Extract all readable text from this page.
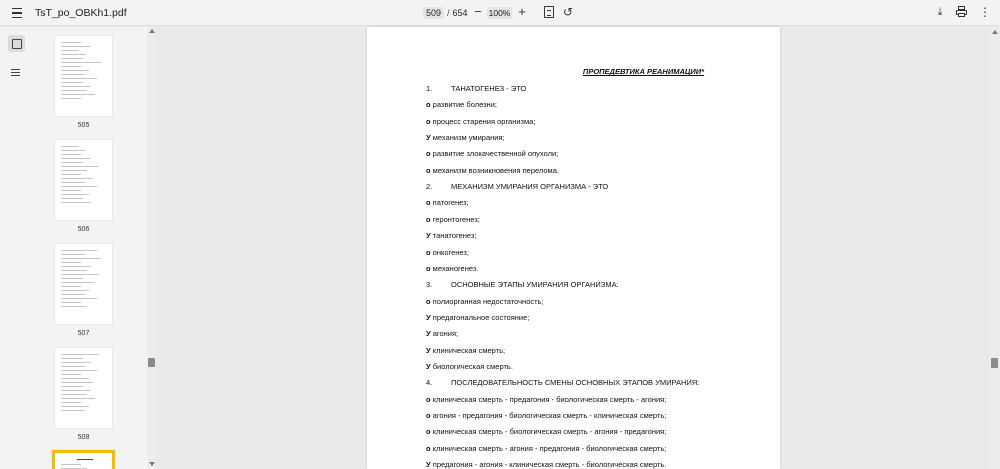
TsT_po_OBKh1.pdf	509 / 654 − 100% +	↺	⤓	⋮
505
506
507
508
ПРОПЕДЕВТИКА РЕАНИМАЦИИ*
1. ТАНАТОГЕНЕЗ - ЭТО
о развитие болезни;
о процесс старения организма;
У механизм умирания;
о развитие злокачественной опухоли;
о механизм возникновения перелома.
2. МЕХАНИЗМ УМИРАНИЯ ОРГАНИЗМА - ЭТО
о патогенез;
о геронтогенез;
У танатогенез;
о онкогенез;
о механогенез.
3. ОСНОВНЫЕ ЭТАПЫ УМИРАНИЯ ОРГАНИЗМА:
о полиорганная недостаточность;
У предагональное состояние;
У агония;
У клиническая смерть;
У биологическая смерть.
4. ПОСЛЕДОВАТЕЛЬНОСТЬ СМЕНЫ ОСНОВНЫХ ЭТАПОВ УМИРАНИЯ:
о клиническая смерть - предагония - биологическая смерть - агония;
о агония - предагония - биологическая смерть - клиническая смерть;
о клиническая смерть - биологическая смерть - агония - предагония;
о клиническая смерть - агония - предагония - биологическая смерть;
У предагония - агония - клиническая смерть - биологическая смерть.
